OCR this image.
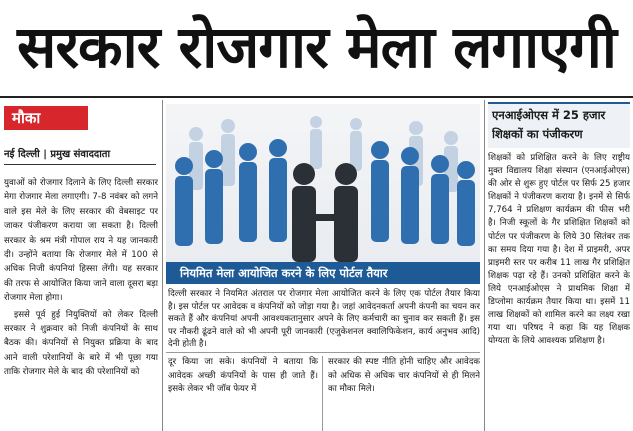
सरकार रोजगार मेला लगाएगी
मौका
नई दिल्ली | प्रमुख संवाददाता

युवाओं को रोजगार दिलाने के लिए दिल्ली सरकार मेगा रोजगार मेला लगाएगी। 7-8 नवंबर को लगने वाले इस मेले के लिए सरकार की वेबसाइट पर जाकर पंजीकरण कराया जा सकता है। दिल्ली सरकार के श्रम मंत्री गोपाल राय ने यह जानकारी दी। उन्होंने बताया कि रोजगार मेले में 100 से अधिक निजी कंपनियां हिस्सा लेंगी। यह सरकार की तरफ से आयोजित किया जाने वाला दूसरा बड़ा रोजगार मेला होगा।

इससे पूर्व हुई नियुक्तियों को लेकर दिल्ली सरकार ने शुक्रवार को निजी कंपनियों के साथ बैठक की। कंपनियों से नियुक्त प्रक्रिया के बाद आने वाली परेशानियों के बारे में भी पूछा गया ताकि रोजगार मेले के बाद की परेशानियों को

नियमित मेला आयोजित करने के लिए पोर्टल तैयार
दिल्ली सरकार ने नियमित अंतराल पर रोजगार मेला आयोजित करने के लिए एक पोर्टल तैयार किया है। इस पोर्टल पर आवेदक व कंपनियों को जोड़ा गया है। जहां आवेदनकर्ता अपनी कंपनी का चयन कर सकते हैं और कंपनियां अपनी आवश्यकतानुसार अपने के लिए कर्मचारी का चुनाव कर सकती हैं। इस पर नौकरी ढूंढने वाले को भी अपनी पूरी जानकारी (एजुकेशनल क्वालिफिकेशन, कार्य अनुभव आदि) देनी होती है।
दूर किया जा सके। कंपनियों ने बताया कि आवेदक अच्छी कंपनियों के पास ही जाते हैं। इसके लेकर भी जॉब फेयर में
सरकार की स्पष्ट नीति होनी चाहिए और आवेदक को अधिक से अधिक चार कंपनियों से ही मिलने का मौका मिले।
एनआईओएस में 25 हजार
शिक्षकों का पंजीकरण
शिक्षकों को प्रशिक्षित करने के लिए राष्ट्रीय मुक्त विद्यालय शिक्षा संस्थान (एनआईओएस) की ओर से शुरू हुए पोर्टल पर सिर्फ 25 हजार शिक्षकों ने पंजीकरण कराया है। इनमें से सिर्फ 7,764 ने प्रशिक्षण कार्यक्रम की फीस भरी है। निजी स्कूलों के गैर प्रशिक्षित शिक्षकों को पोर्टल पर पंजीकरण के लिये 30 सितंबर तक का समय दिया गया है। देश में प्राइमरी, अपर प्राइमरी स्तर पर करीब 11 लाख गैर प्रशिक्षित शिक्षक पढ़ा रहे हैं। उनको प्रशिक्षित करने के लिये एनआईओएस ने प्राथमिक शिक्षा में डिप्लोमा कार्यक्रम तैयार किया था। इसमें 11 लाख शिक्षकों को शामिल करने का लक्ष्य रखा गया था। परिषद ने कहा कि यह शिक्षक योग्यता के लिये आवश्यक प्रशिक्षण है।
